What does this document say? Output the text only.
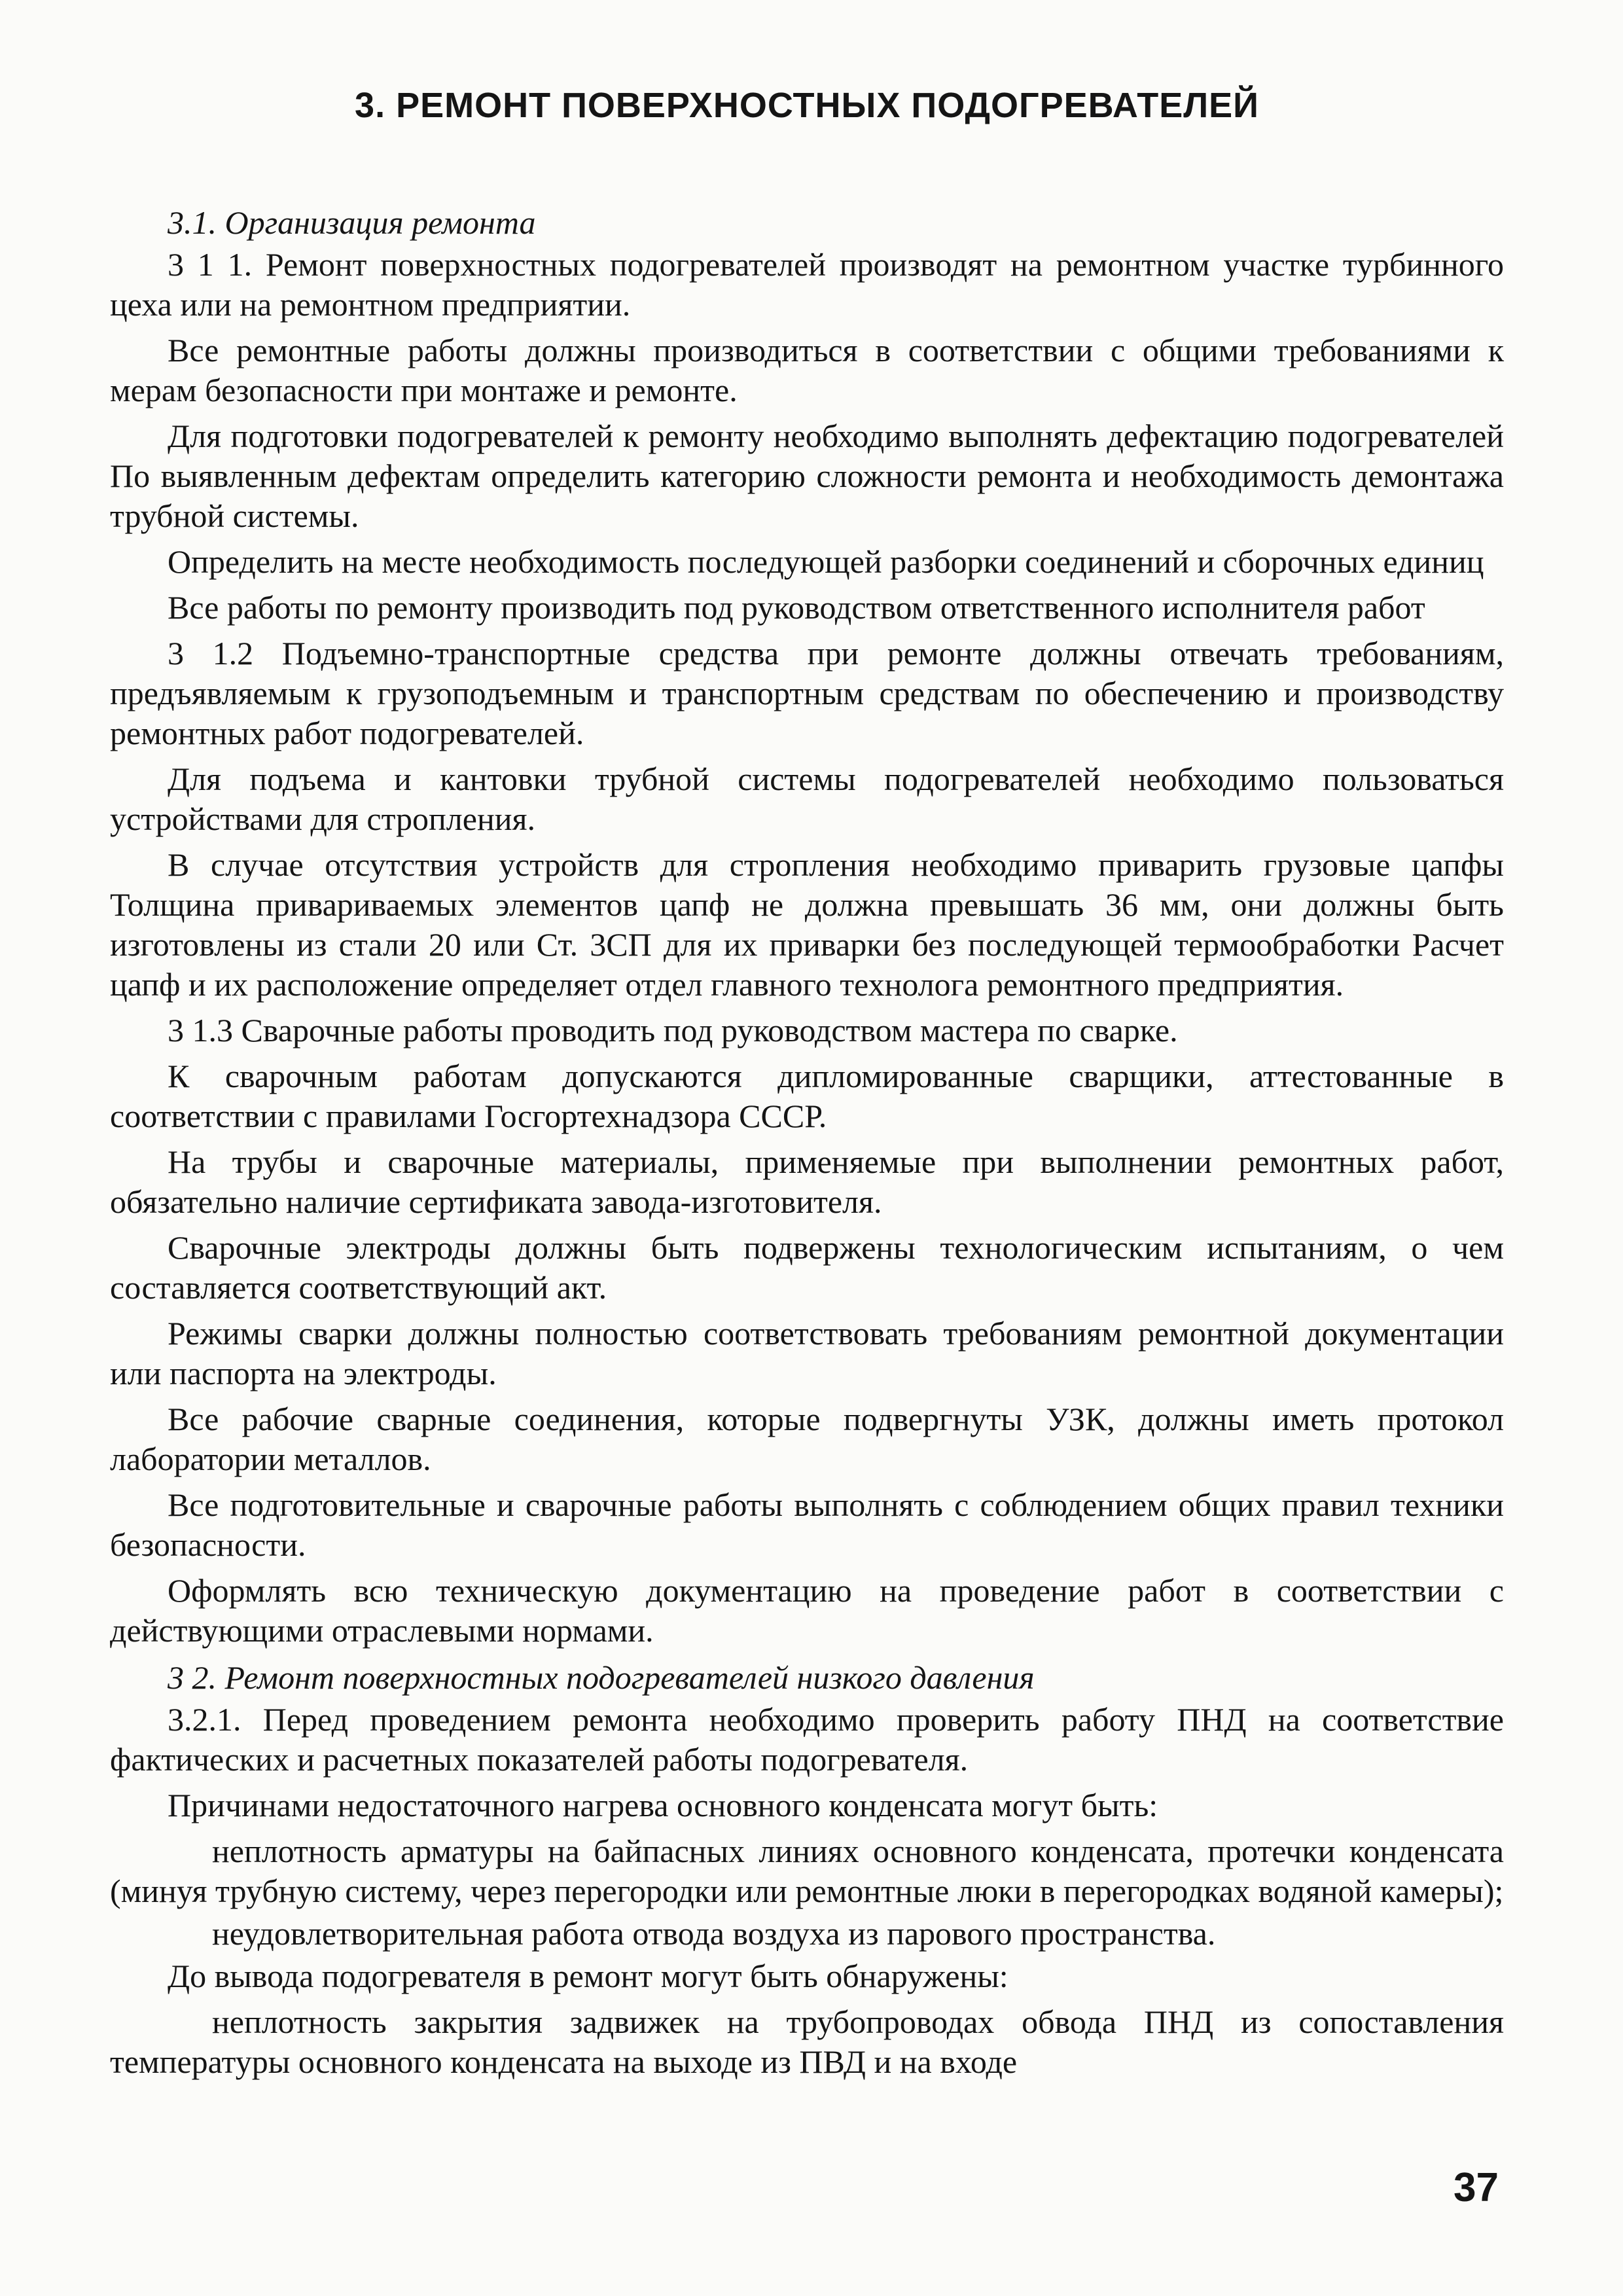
3. РЕМОНТ ПОВЕРХНОСТНЫХ ПОДОГРЕВАТЕЛЕЙ
3.1. Организация ремонта

3 1 1. Ремонт поверхностных подогревателей производят на ремонтном участке турбинного цеха или на ремонтном предприятии.

Все ремонтные работы должны производиться в соответствии с общими требованиями к мерам безопасности при монтаже и ремонте.

Для подготовки подогревателей к ремонту необходимо выполнять дефектацию подогревателей По выявленным дефектам определить категорию сложности ремонта и необходимость демонтажа трубной системы.

Определить на месте необходимость последующей разборки соединений и сборочных единиц

Все работы по ремонту производить под руководством ответственного исполнителя работ

3 1.2 Подъемно-транспортные средства при ремонте должны отвечать требованиям, предъявляемым к грузоподъемным и транспортным средствам по обеспечению и производству ремонтных работ подогревателей.

Для подъема и кантовки трубной системы подогревателей необходимо пользоваться устройствами для стропления.

В случае отсутствия устройств для стропления необходимо приварить грузовые цапфы Толщина привариваемых элементов цапф не должна превышать 36 мм, они должны быть изготовлены из стали 20 или Ст. 3СП для их приварки без последующей термообработки Расчет цапф и их расположение определяет отдел главного технолога ремонтного предприятия.

3 1.3 Сварочные работы проводить под руководством мастера по сварке.

К сварочным работам допускаются дипломированные сварщики, аттестованные в соответствии с правилами Госгортехнадзора СССР.

На трубы и сварочные материалы, применяемые при выполнении ремонтных работ, обязательно наличие сертификата завода-изготовителя.

Сварочные электроды должны быть подвержены технологическим испытаниям, о чем составляется соответствующий акт.

Режимы сварки должны полностью соответствовать требованиям ремонтной документации или паспорта на электроды.

Все рабочие сварные соединения, которые подвергнуты УЗК, должны иметь протокол лаборатории металлов.

Все подготовительные и сварочные работы выполнять с соблюдением общих правил техники безопасности.

Оформлять всю техническую документацию на проведение работ в соответствии с действующими отраслевыми нормами.

3 2. Ремонт поверхностных подогревателей низкого давления

3.2.1. Перед проведением ремонта необходимо проверить работу ПНД на соответствие фактических и расчетных показателей работы подогревателя.

Причинами недостаточного нагрева основного конденсата могут быть:

неплотность арматуры на байпасных линиях основного конденсата, протечки конденсата (минуя трубную систему, через перегородки или ремонтные люки в перегородках водяной камеры);

неудовлетворительная работа отвода воздуха из парового пространства.

До вывода подогревателя в ремонт могут быть обнаружены:

неплотность закрытия задвижек на трубопроводах обвода ПНД из сопоставления температуры основного конденсата на выходе из ПВД и на входе

37
